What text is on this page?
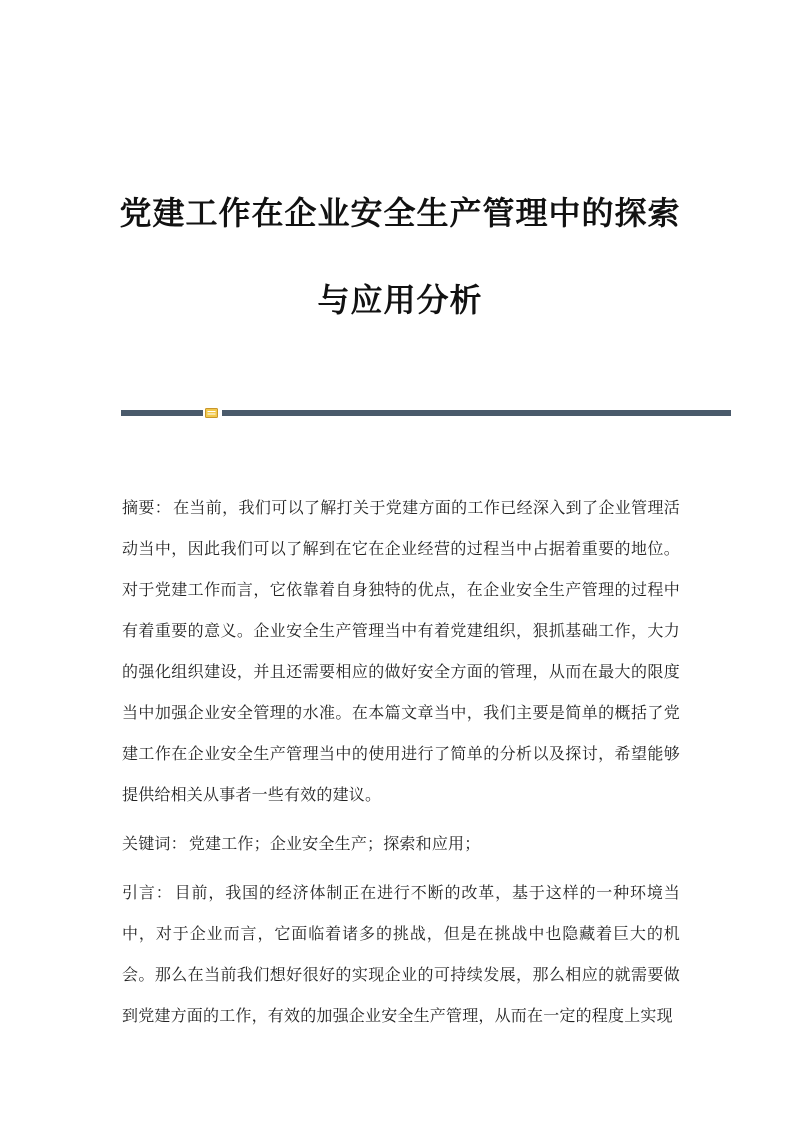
党建工作在企业安全生产管理中的探索
与应用分析

摘要： 在当前，我们可以了解打关于党建方面的工作已经深入到了企业管理活动当中，因此我们可以了解到在它在企业经营的过程当中占据着重要的地位。对于党建工作而言，它依靠着自身独特的优点，在企业安全生产管理的过程中有着重要的意义。企业安全生产管理当中有着党建组织，狠抓基础工作，大力的强化组织建设，并且还需要相应的做好安全方面的管理，从而在最大的限度当中加强企业安全管理的水准。在本篇文章当中，我们主要是简单的概括了党建工作在企业安全生产管理当中的使用进行了简单的分析以及探讨，希望能够提供给相关从事者一些有效的建议。

关键词： 党建工作；企业安全生产；探索和应用；

引言： 目前，我国的经济体制正在进行不断的改革，基于这样的一种环境当中，对于企业而言，它面临着诸多的挑战，但是在挑战中也隐藏着巨大的机会。那么在当前我们想好很好的实现企业的可持续发展，那么相应的就需要做到党建方面的工作，有效的加强企业安全生产管理，从而在一定的程度上实现
